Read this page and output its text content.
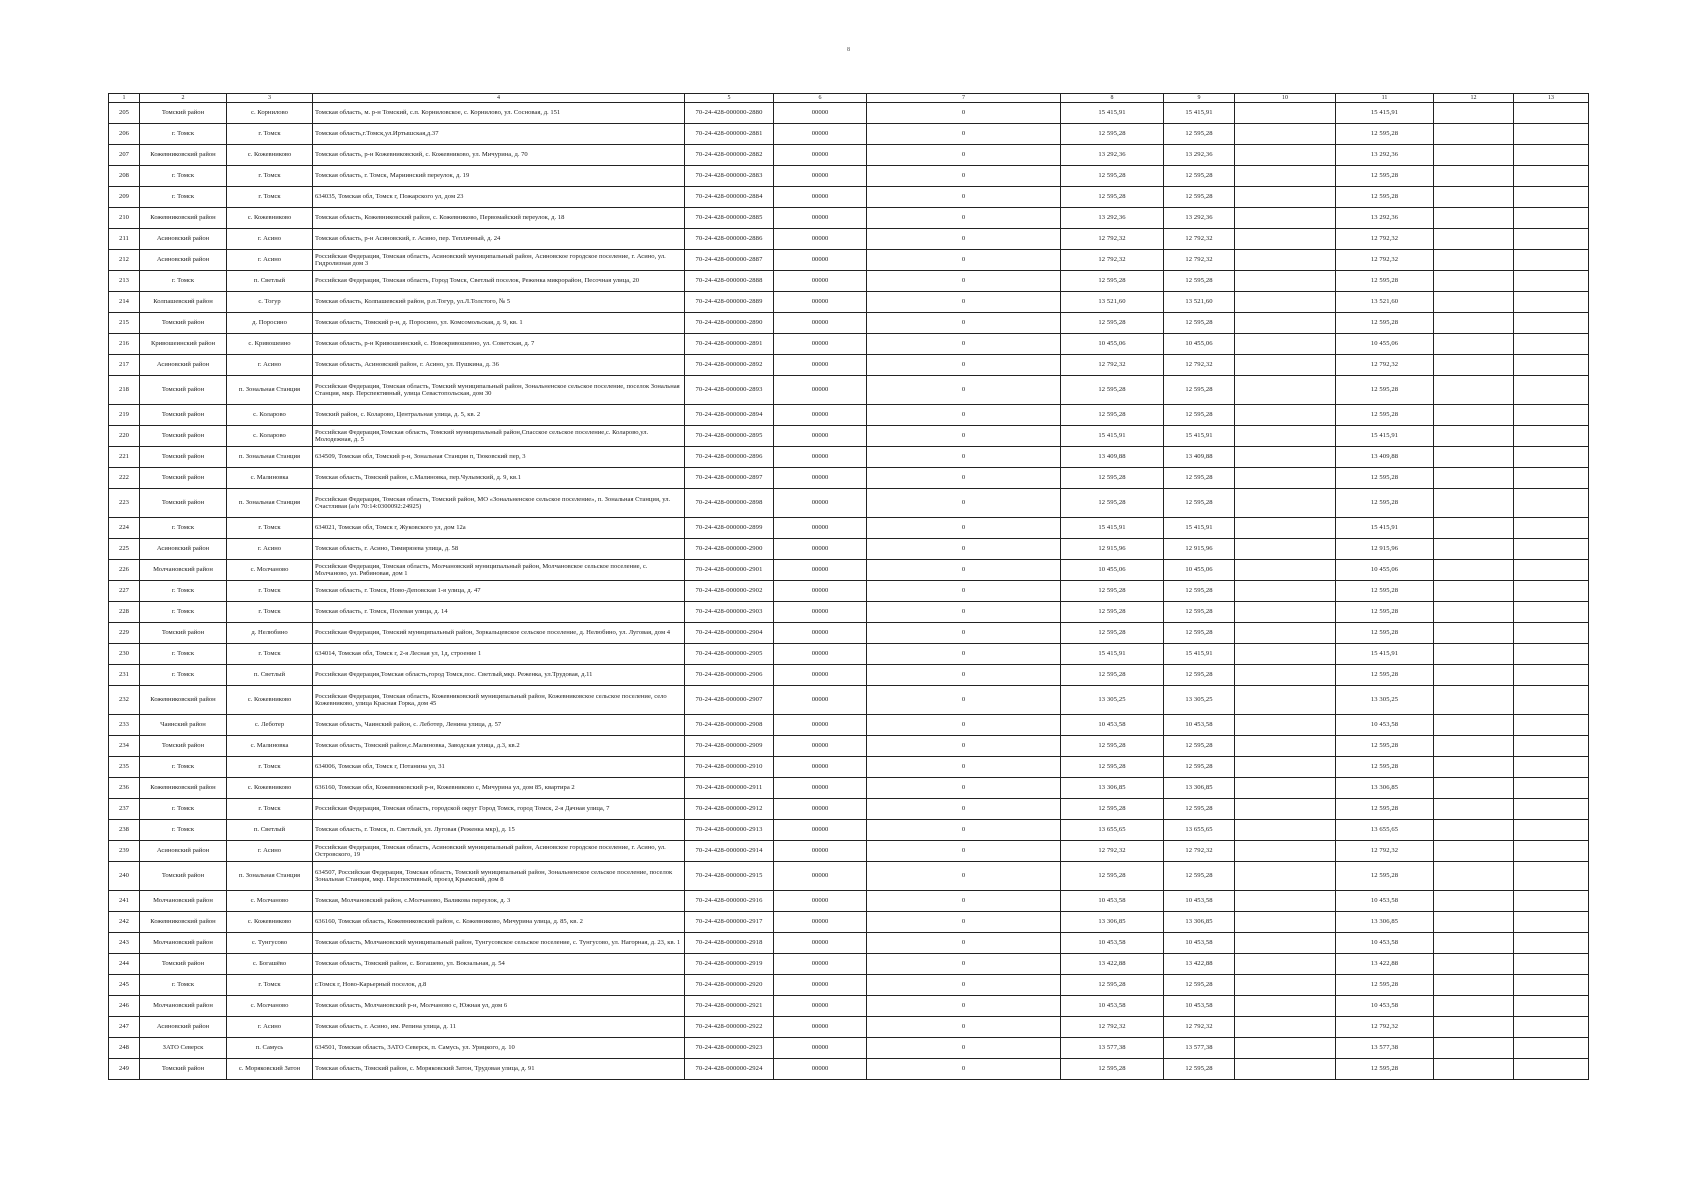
8
1	2	3	4	5	6	7	8	9	10	11	12	13
205	Томский район	с. Корнилово	Томская область, м. р-н Томский, с.п. Корниловское, с. Корнилово, ул. Сосновая, д. 151	70-24-428-000000-2880	00000	0	15 415,91	15 415,91		15 415,91		
206	г. Томск	г. Томск	Томская область,г.Томск,ул.Иртышская,д.37	70-24-428-000000-2881	00000	0	12 595,28	12 595,28		12 595,28		
207	Кожевниковский район	с. Кожевниково	Томская область, р-н Кожевниковский, с. Кожевниково, ул. Мичурина, д. 70	70-24-428-000000-2882	00000	0	13 292,36	13 292,36		13 292,36		
208	г. Томск	г. Томск	Томская область, г. Томск, Мариинский переулок, д. 19	70-24-428-000000-2883	00000	0	12 595,28	12 595,28		12 595,28		
209	г. Томск	г. Томск	634035, Томская обл, Томск г, Пожарского ул, дом 23	70-24-428-000000-2884	00000	0	12 595,28	12 595,28		12 595,28		
210	Кожевниковский район	с. Кожевниково	Томская область, Кожевниковский район, с. Кожевниково, Первомайский переулок, д. 18	70-24-428-000000-2885	00000	0	13 292,36	13 292,36		13 292,36		
211	Асиновский район	г. Асино	Томская область, р-н Асиновский, г. Асино, пер. Тепличный, д. 24	70-24-428-000000-2886	00000	0	12 792,32	12 792,32		12 792,32		
212	Асиновский район	г. Асино	Российская Федерация, Томская область, Асиновский муниципальный район, Асиновское городское поселение, г. Асино, ул. Гидролизная дом 3	70-24-428-000000-2887	00000	0	12 792,32	12 792,32		12 792,32		
213	г. Томск	п. Светлый	Российская Федерация, Томская область, Город Томск, Светлый поселок, Реженка микрорайон, Песочная улица, 20	70-24-428-000000-2888	00000	0	12 595,28	12 595,28		12 595,28		
214	Колпашевский район	с. Тогур	Томская область, Колпашевский район, р.п.Тогур, ул.Л.Толстого, № 5	70-24-428-000000-2889	00000	0	13 521,60	13 521,60		13 521,60		
215	Томский район	д. Поросино	Томская область, Томский р-н, д. Поросино, ул. Комсомольская, д. 9, кв. 1	70-24-428-000000-2890	00000	0	12 595,28	12 595,28		12 595,28		
216	Кривошеинский район	с. Кривошеино	Томская область, р-н Кривошеинский, с. Новокривошеино, ул. Советская, д. 7	70-24-428-000000-2891	00000	0	10 455,06	10 455,06		10 455,06		
217	Асиновский район	г. Асино	Томская область, Асиновский район, г. Асино, ул. Пушкина, д. 36	70-24-428-000000-2892	00000	0	12 792,32	12 792,32		12 792,32		
218	Томский район	п. Зональная Станция	Российская Федерация, Томская область, Томский муниципальный район, Зональненское сельское поселение, поселок Зональная Станция, мкр. Перспективный, улица Севастопольская, дом 30	70-24-428-000000-2893	00000	0	12 595,28	12 595,28		12 595,28		
219	Томский район	с. Коларово	Томский район, с. Коларово, Центральная улица, д. 5, кв. 2	70-24-428-000000-2894	00000	0	12 595,28	12 595,28		12 595,28		
220	Томский район	с. Коларово	Российская Федерация,Томская область, Томский муниципальный район,Спасское сельское поселение,с. Коларово,ул. Молодежная, д. 5	70-24-428-000000-2895	00000	0	15 415,91	15 415,91		15 415,91		
221	Томский район	п. Зональная Станция	634509, Томская обл, Томский р-н, Зональная Станция п, Тюковский пер, 3	70-24-428-000000-2896	00000	0	13 409,88	13 409,88		13 409,88		
222	Томский район	с. Малиновка	Томская область, Томский район, с.Малиновка, пер.Чулымский, д. 9, кв.1	70-24-428-000000-2897	00000	0	12 595,28	12 595,28		12 595,28		
223	Томский район	п. Зональная Станция	Российская Федерация, Томская область, Томский район, МО «Зональненское сельское поселение», п. Зональная Станция, ул. Счастливая (а/н 70:14:0300092:24925)	70-24-428-000000-2898	00000	0	12 595,28	12 595,28		12 595,28		
224	г. Томск	г. Томск	634021, Томская обл, Томск г, Жуковского ул, дом 12а	70-24-428-000000-2899	00000	0	15 415,91	15 415,91		15 415,91		
225	Асиновский район	г. Асино	Томская область, г. Асино, Тимирязева улица, д. 58	70-24-428-000000-2900	00000	0	12 915,96	12 915,96		12 915,96		
226	Молчановский район	с. Молчаново	Российская Федерация, Томская область, Молчановский муниципальный район, Молчановское сельское поселение, с. Молчаново, ул. Рябиновая, дом 1	70-24-428-000000-2901	00000	0	10 455,06	10 455,06		10 455,06		
227	г. Томск	г. Томск	Томская область, г. Томск, Ново-Деповская 1-я улица, д. 47	70-24-428-000000-2902	00000	0	12 595,28	12 595,28		12 595,28		
228	г. Томск	г. Томск	Томская область, г. Томск, Полевая улица, д. 14	70-24-428-000000-2903	00000	0	12 595,28	12 595,28		12 595,28		
229	Томский район	д. Нелюбино	Российская Федерация, Томский муниципальный район, Зоркальцевское сельское поселение, д. Нелюбино, ул. Луговая, дом 4	70-24-428-000000-2904	00000	0	12 595,28	12 595,28		12 595,28		
230	г. Томск	г. Томск	634014, Томская обл, Томск г, 2-я Лесная ул, 1д, строение 1	70-24-428-000000-2905	00000	0	15 415,91	15 415,91		15 415,91		
231	г. Томск	п. Светлый	Российская Федерация,Томская область,город Томск,пос. Светлый,мкр. Реженка, ул.Трудовая, д.11	70-24-428-000000-2906	00000	0	12 595,28	12 595,28		12 595,28		
232	Кожевниковский район	с. Кожевниково	Российская Федерация, Томская область, Кожевниковский муниципальный район, Кожевниковское сельское поселение, село Кожевниково, улица Красная Горка, дом 45	70-24-428-000000-2907	00000	0	13 305,25	13 305,25		13 305,25		
233	Чаинский район	с. Леботер	Томская область, Чаинский район, с. Леботер, Ленина улица, д. 57	70-24-428-000000-2908	00000	0	10 453,58	10 453,58		10 453,58		
234	Томский район	с. Малиновка	Томская область, Томский район,с.Малиновка, Заводская улица, д.3, кв.2	70-24-428-000000-2909	00000	0	12 595,28	12 595,28		12 595,28		
235	г. Томск	г. Томск	634006, Томская обл, Томск г, Потанина ул, 31	70-24-428-000000-2910	00000	0	12 595,28	12 595,28		12 595,28		
236	Кожевниковский район	с. Кожевниково	636160, Томская обл, Кожевниковский р-н, Кожевниково с, Мичурина ул, дом 85, квартира 2	70-24-428-000000-2911	00000	0	13 306,85	13 306,85		13 306,85		
237	г. Томск	г. Томск	Российская Федерация, Томская область, городской округ Город Томск, город Томск, 2-я Дачная улица, 7	70-24-428-000000-2912	00000	0	12 595,28	12 595,28		12 595,28		
238	г. Томск	п. Светлый	Томская область, г. Томск, п. Светлый, ул. Луговая (Реженка мкр), д. 15	70-24-428-000000-2913	00000	0	13 655,65	13 655,65		13 655,65		
239	Асиновский район	г. Асино	Российская Федерация, Томская область, Асиновский муниципальный район, Асиновское городское поселение, г. Асино, ул. Островского, 19	70-24-428-000000-2914	00000	0	12 792,32	12 792,32		12 792,32		
240	Томский район	п. Зональная Станция	634507, Российская Федерация, Томская область, Томский муниципальный район, Зональненское сельское поселение, поселок Зональная Станция, мкр. Перспективный, проезд Крымский, дом 8	70-24-428-000000-2915	00000	0	12 595,28	12 595,28		12 595,28		
241	Молчановский район	с. Молчаново	Томская, Молчановский район, с.Молчаново, Валикова переулок, д. 3	70-24-428-000000-2916	00000	0	10 453,58	10 453,58		10 453,58		
242	Кожевниковский район	с. Кожевниково	636160, Томская область, Кожевниковский район, с. Кожевниково, Мичурина улица, д. 85, кв. 2	70-24-428-000000-2917	00000	0	13 306,85	13 306,85		13 306,85		
243	Молчановский район	с. Тунгусово	Томская область, Молчановский муниципальный район, Тунгусовское сельское поселение, с. Тунгусово, ул. Нагорная, д. 23, кв. 1	70-24-428-000000-2918	00000	0	10 453,58	10 453,58		10 453,58		
244	Томский район	с. Богашёво	Томская область, Томский район, с. Богашево, ул. Вокзальная, д. 54	70-24-428-000000-2919	00000	0	13 422,88	13 422,88		13 422,88		
245	г. Томск	г. Томск	г.Томск г, Ново-Карьерный поселок, д.8	70-24-428-000000-2920	00000	0	12 595,28	12 595,28		12 595,28		
246	Молчановский район	с. Молчаново	Томская область, Молчановский р-н, Молчаново с, Южная ул, дом 6	70-24-428-000000-2921	00000	0	10 453,58	10 453,58		10 453,58		
247	Асиновский район	г. Асино	Томская область, г. Асино, им. Репина улица, д. 11	70-24-428-000000-2922	00000	0	12 792,32	12 792,32		12 792,32		
248	ЗАТО Северск	п. Самусь	634501, Томская область, ЗАТО Северск, п. Самусь, ул. Урицкого, д. 10	70-24-428-000000-2923	00000	0	13 577,38	13 577,38		13 577,38		
249	Томский район	с. Моряковский Затон	Томская область, Томский район, с. Моряковский Затон, Трудовая улица, д. 91	70-24-428-000000-2924	00000	0	12 595,28	12 595,28		12 595,28		
